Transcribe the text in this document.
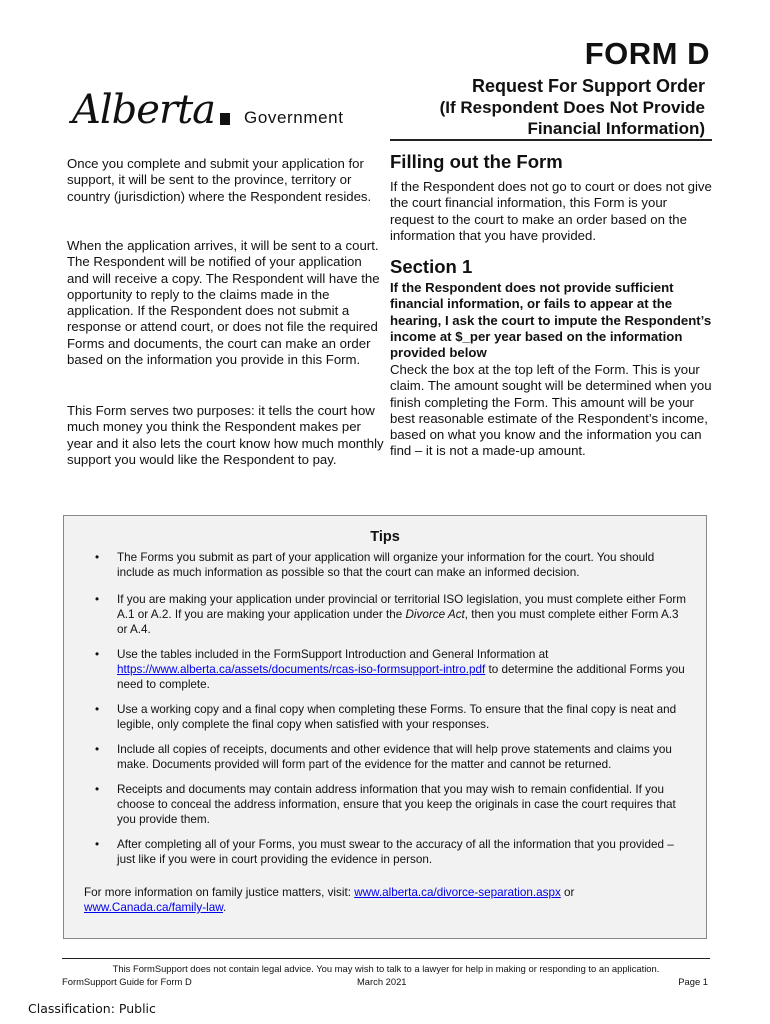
FORM D
Request For Support Order
(If Respondent Does Not Provide
Financial Information)
Alberta Government

Once you complete and submit your application for support, it will be sent to the province, territory or country (jurisdiction) where the Respondent resides.

When the application arrives, it will be sent to a court. The Respondent will be notified of your application and will receive a copy. The Respondent will have the opportunity to reply to the claims made in the application. If the Respondent does not submit a response or attend court, or does not file the required Forms and documents, the court can make an order based on the information you provide in this Form.

This Form serves two purposes: it tells the court how much money you think the Respondent makes per year and it also lets the court know how much monthly support you would like the Respondent to pay.

Filling out the Form

If the Respondent does not go to court or does not give the court financial information, this Form is your request to the court to make an order based on the information that you have provided.

Section 1

If the Respondent does not provide sufficient financial information, or fails to appear at the hearing, I ask the court to impute the Respondent’s income at $_per year based on the information provided below

Check the box at the top left of the Form. This is your claim. The amount sought will be determined when you finish completing the Form. This amount will be your best reasonable estimate of the Respondent’s income, based on what you know and the information you can find – it is not a made-up amount.

Tips
• The Forms you submit as part of your application will organize your information for the court. You should include as much information as possible so that the court can make an informed decision.
• If you are making your application under provincial or territorial ISO legislation, you must complete either Form A.1 or A.2. If you are making your application under the Divorce Act, then you must complete either Form A.3 or A.4.
• Use the tables included in the FormSupport Introduction and General Information at https://www.alberta.ca/assets/documents/rcas-iso-formsupport-intro.pdf to determine the additional Forms you need to complete.
• Use a working copy and a final copy when completing these Forms. To ensure that the final copy is neat and legible, only complete the final copy when satisfied with your responses.
• Include all copies of receipts, documents and other evidence that will help prove statements and claims you make. Documents provided will form part of the evidence for the matter and cannot be returned.
• Receipts and documents may contain address information that you may wish to remain confidential. If you choose to conceal the address information, ensure that you keep the originals in case the court requires that you provide them.
• After completing all of your Forms, you must swear to the accuracy of all the information that you provided – just like if you were in court providing the evidence in person.
For more information on family justice matters, visit: www.alberta.ca/divorce-separation.aspx or www.Canada.ca/family-law.
This FormSupport does not contain legal advice. You may wish to talk to a lawyer for help in making or responding to an application.
FormSupport Guide for Form D	March 2021	Page 1
Classification: Public
